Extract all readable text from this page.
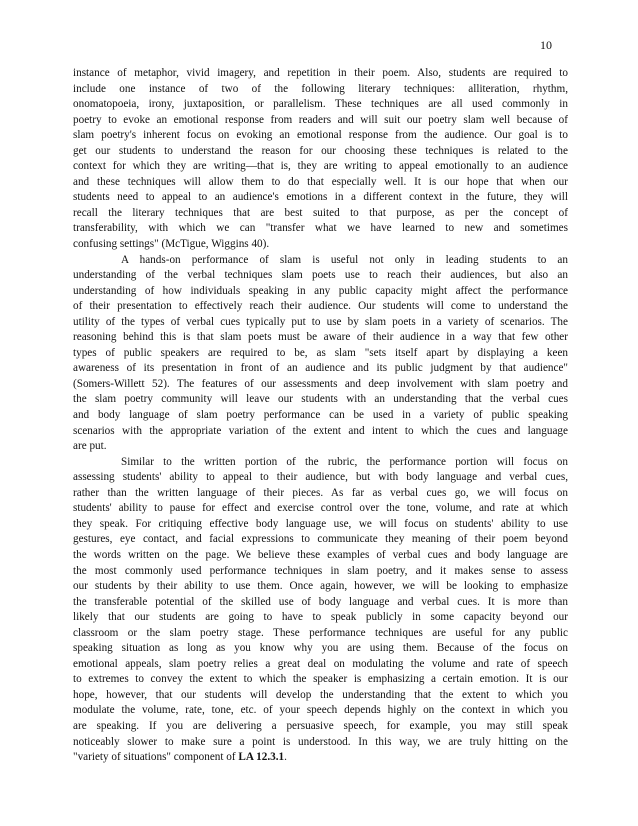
10
instance of metaphor, vivid imagery, and repetition in their poem. Also, students are required to
include one instance of two of the following literary techniques: alliteration, rhythm,
onomatopoeia, irony, juxtaposition, or parallelism. These techniques are all used commonly in
poetry to evoke an emotional response from readers and will suit our poetry slam well because of
slam poetry's inherent focus on evoking an emotional response from the audience. Our goal is to
get our students to understand the reason for our choosing these techniques is related to the
context for which they are writing—that is, they are writing to appeal emotionally to an audience
and these techniques will allow them to do that especially well. It is our hope that when our
students need to appeal to an audience's emotions in a different context in the future, they will
recall the literary techniques that are best suited to that purpose, as per the concept of
transferability, with which we can "transfer what we have learned to new and sometimes
confusing settings" (McTigue, Wiggins 40).
A hands-on performance of slam is useful not only in leading students to an
understanding of the verbal techniques slam poets use to reach their audiences, but also an
understanding of how individuals speaking in any public capacity might affect the performance
of their presentation to effectively reach their audience. Our students will come to understand the
utility of the types of verbal cues typically put to use by slam poets in a variety of scenarios. The
reasoning behind this is that slam poets must be aware of their audience in a way that few other
types of public speakers are required to be, as slam "sets itself apart by displaying a keen
awareness of its presentation in front of an audience and its public judgment by that audience"
(Somers-Willett 52). The features of our assessments and deep involvement with slam poetry and
the slam poetry community will leave our students with an understanding that the verbal cues
and body language of slam poetry performance can be used in a variety of public speaking
scenarios with the appropriate variation of the extent and intent to which the cues and language
are put.
Similar to the written portion of the rubric, the performance portion will focus on
assessing students' ability to appeal to their audience, but with body language and verbal cues,
rather than the written language of their pieces. As far as verbal cues go, we will focus on
students' ability to pause for effect and exercise control over the tone, volume, and rate at which
they speak. For critiquing effective body language use, we will focus on students' ability to use
gestures, eye contact, and facial expressions to communicate they meaning of their poem beyond
the words written on the page. We believe these examples of verbal cues and body language are
the most commonly used performance techniques in slam poetry, and it makes sense to assess
our students by their ability to use them. Once again, however, we will be looking to emphasize
the transferable potential of the skilled use of body language and verbal cues. It is more than
likely that our students are going to have to speak publicly in some capacity beyond our
classroom or the slam poetry stage. These performance techniques are useful for any public
speaking situation as long as you know why you are using them. Because of the focus on
emotional appeals, slam poetry relies a great deal on modulating the volume and rate of speech
to extremes to convey the extent to which the speaker is emphasizing a certain emotion. It is our
hope, however, that our students will develop the understanding that the extent to which you
modulate the volume, rate, tone, etc. of your speech depends highly on the context in which you
are speaking. If you are delivering a persuasive speech, for example, you may still speak
noticeably slower to make sure a point is understood. In this way, we are truly hitting on the
"variety of situations" component of LA 12.3.1.
